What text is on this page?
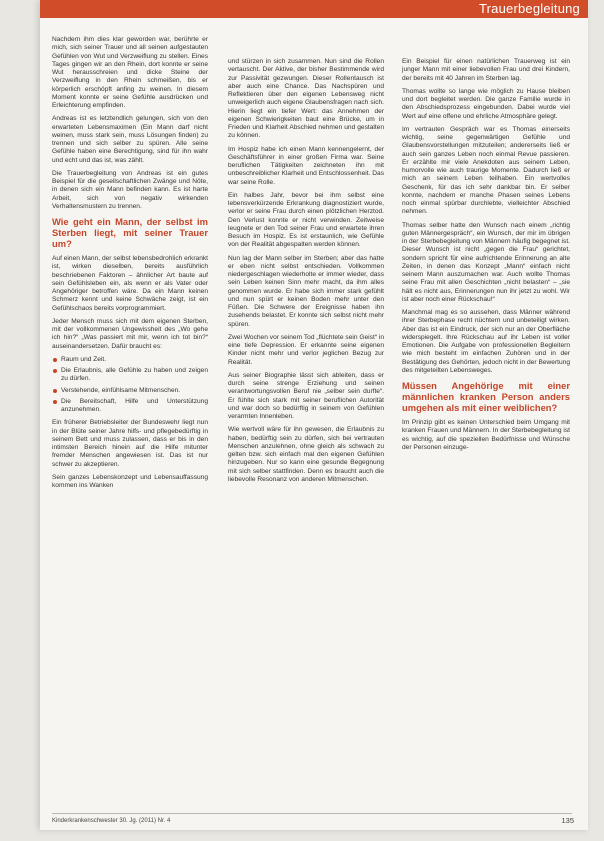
Trauerbegleitung

Nachdem ihm dies klar geworden war, berührte er mich, sich seiner Trauer und all seinen aufgestauten Gefühlen von Wut und Verzweiflung zu stellen. Eines Tages gingen wir an den Rhein, dort konnte er seine Wut herausschreien und dicke Steine der Verzweiflung in den Rhein schmeißen, bis er körperlich erschöpft anfing zu weinen. In diesem Moment konnte er seine Gefühle ausdrücken und Erleichterung empfinden.

Andreas ist es letztendlich gelungen, sich von den erwarteten Lebensmaximen (Ein Mann darf nicht weinen, muss stark sein, muss Lösungen finden) zu trennen und sich selber zu spüren. Alle seine Gefühle haben eine Berechtigung, sind für ihn wahr und echt und das ist, was zählt.

Die Trauerbegleitung von Andreas ist ein gutes Beispiel für die gesellschaftlichen Zwänge und Nöte, in denen sich ein Mann befinden kann. Es ist harte Arbeit, sich von negativ wirkenden Verhaltensmustern zu trennen.

Wie geht ein Mann, der selbst im Sterben liegt, mit seiner Trauer um?

Auf einen Mann, der selbst lebensbedrohlich erkrankt ist, wirken dieselben, bereits ausführlich beschriebenen Faktoren – ähnlicher Art baute auf sein Gefühlsleben ein, als wenn er als Vater oder Angehöriger betroffen wäre. Da ein Mann keinen Schmerz kennt und keine Schwäche zeigt, ist ein Gefühlschaos bereits vorprogrammiert.

Jeder Mensch muss sich mit dem eigenen Sterben, mit der vollkommenen Ungewissheit des „Wo gehe ich hin?“ „Was passiert mit mir, wenn ich tot bin?“ auseinandersetzen. Dafür braucht es:

Raum und Zeit.
Die Erlaubnis, alle Gefühle zu haben und zeigen zu dürfen.
Verstehende, einfühlsame Mitmenschen.
Die Bereitschaft, Hilfe und Unterstützung anzunehmen.

Ein früherer Betriebsleiter der Bundeswehr liegt nun in der Blüte seiner Jahre hilfs- und pflegebedürftig in seinem Bett und muss zulassen, dass er bis in den intimsten Bereich hinein auf die Hilfe mitunter fremder Menschen angewiesen ist. Das ist nur schwer zu akzeptieren.

Sein ganzes Lebenskonzept und Lebensauffassung kommen ins Wanken

und stürzen in sich zusammen. Nun sind die Rollen vertauscht. Der Aktive, der bisher Bestimmende wird zur Passivität gezwungen. Dieser Rollentausch ist aber auch eine Chance. Das Nachspüren und Reflektieren über den eigenen Lebensweg nicht unweigerlich auch eigene Glaubensfragen nach sich. Hierin liegt ein tiefer Wert: das Annehmen der eigenen Schwierigkeiten baut eine Brücke, um in Frieden und Klarheit Abschied nehmen und gestalten zu können.

Im Hospiz habe ich einen Mann kennengelernt, der Geschäftsführer in einer großen Firma war. Seine beruflichen Tätigkeiten zeichneten ihn mit unbeschreiblicher Klarheit und Entschlossenheit. Das war seine Rolle.

Ein halbes Jahr, bevor bei ihm selbst eine lebensverkürzende Erkrankung diagnostiziert wurde, verlor er seine Frau durch einen plötzlichen Herztod. Den Verlust konnte er nicht verwinden. Zeitweise leugnete er den Tod seiner Frau und erwartete ihren Besuch im Hospiz. Es ist erstaunlich, wie Gefühle von der Realität abgespalten werden können.

Nun lag der Mann selber im Sterben; aber das hatte er eben nicht selbst entschieden. Vollkommen niedergeschlagen wiederholte er immer wieder, dass sein Leben keinen Sinn mehr macht, da ihm alles genommen wurde. Er habe sich immer stark gefühlt und nun spürt er keinen Boden mehr unter den Füßen. Die Schwere der Ereignisse haben ihn zusehends belastet. Er konnte sich selbst nicht mehr spüren.

Zwei Wochen vor seinem Tod „flüchtete sein Geist“ in eine tiefe Depression. Er erkannte seine eigenen Kinder nicht mehr und verlor jeglichen Bezug zur Realität.

Aus seiner Biographie lässt sich ableiten, dass er durch seine strenge Erziehung und seinen verantwortungsvollen Beruf nie „selber sein durfte“. Er fühlte sich stark mit seiner beruflichen Autorität und war doch so bedürftig in seinem von Gefühlen verarmten Innenleben.

Wie wertvoll wäre für ihn gewesen, die Erlaubnis zu haben, bedürftig sein zu dürfen, sich bei vertrauten Menschen anzulehnen, ohne gleich als schwach zu gelten bzw. sich einfach mal den eigenen Gefühlen hinzugeben. Nur so kann eine gesunde Begegnung mit sich selber stattfinden. Denn es braucht auch die liebevolle Resonanz von anderen Mitmenschen.

Ein Beispiel für einen natürlichen Trauerweg ist ein junger Mann mit einer liebevollen Frau und drei Kindern, der bereits mit 40 Jahren im Sterben lag.

Thomas wollte so lange wie möglich zu Hause bleiben und dort begleitet werden. Die ganze Familie wurde in den Abschiedsprozess eingebunden. Dabei wurde viel Wert auf eine offene und ehrliche Atmosphäre gelegt.

Im vertrauten Gespräch war es Thomas einerseits wichtig, seine gegenwärtigen Gefühle und Glaubensvorstellungen mitzuteilen; andererseits ließ er auch sein ganzes Leben noch einmal Revue passieren. Er erzählte mir viele Anekdoten aus seinem Leben, humorvolle wie auch traurige Momente. Dadurch ließ er mich an seinem Leben teilhaben. Ein wertvolles Geschenk, für das ich sehr dankbar bin. Er selber konnte, nachdem er manche Phasen seines Lebens noch einmal spürbar durchlebte, vielleichter Abschied nehmen.

Thomas selber hatte den Wunsch nach einem „richtig guten Männergespräch“, ein Wunsch, der mir im übrigen in der Sterbebegleitung von Männern häufig begegnet ist. Dieser Wunsch ist nicht „gegen die Frau“ gerichtet, sondern spricht für eine aufrichtende Erinnerung an alte Zeiten, in denen das Konzept „Mann“ einfach nicht seinem Mann auszumachen war. Auch wollte Thomas seine Frau mit allen Geschichten „nicht belasten“ – „sie hält es nicht aus, Erinnerungen nun ihr jetzt zu wohl. Wir ist aber noch einer Rückschau!“

Manchmal mag es so aussehen, dass Männer während ihrer Sterbephase recht nüchtern und unbeteiligt wirken. Aber das ist ein Eindruck, der sich nur an der Oberfläche widerspiegelt. Ihre Rückschau auf ihr Leben ist voller Emotionen. Die Aufgabe von professionellen Begleitern wie mich besteht im einfachen Zuhören und in der Bestätigung des Gehörten, jedoch nicht in der Bewertung des mitgeteilten Lebensweges.

Müssen Angehörige mit einer männlichen kranken Person anders umgehen als mit einer weiblichen?

Im Prinzip gibt es keinen Unterschied beim Umgang mit kranken Frauen und Männern. In der Sterbebegleitung ist es wichtig, auf die speziellen Bedürfnisse und Wünsche der Personen einzuge-

Kinderkrankenschwester 30. Jg. (2011) Nr. 4	135
